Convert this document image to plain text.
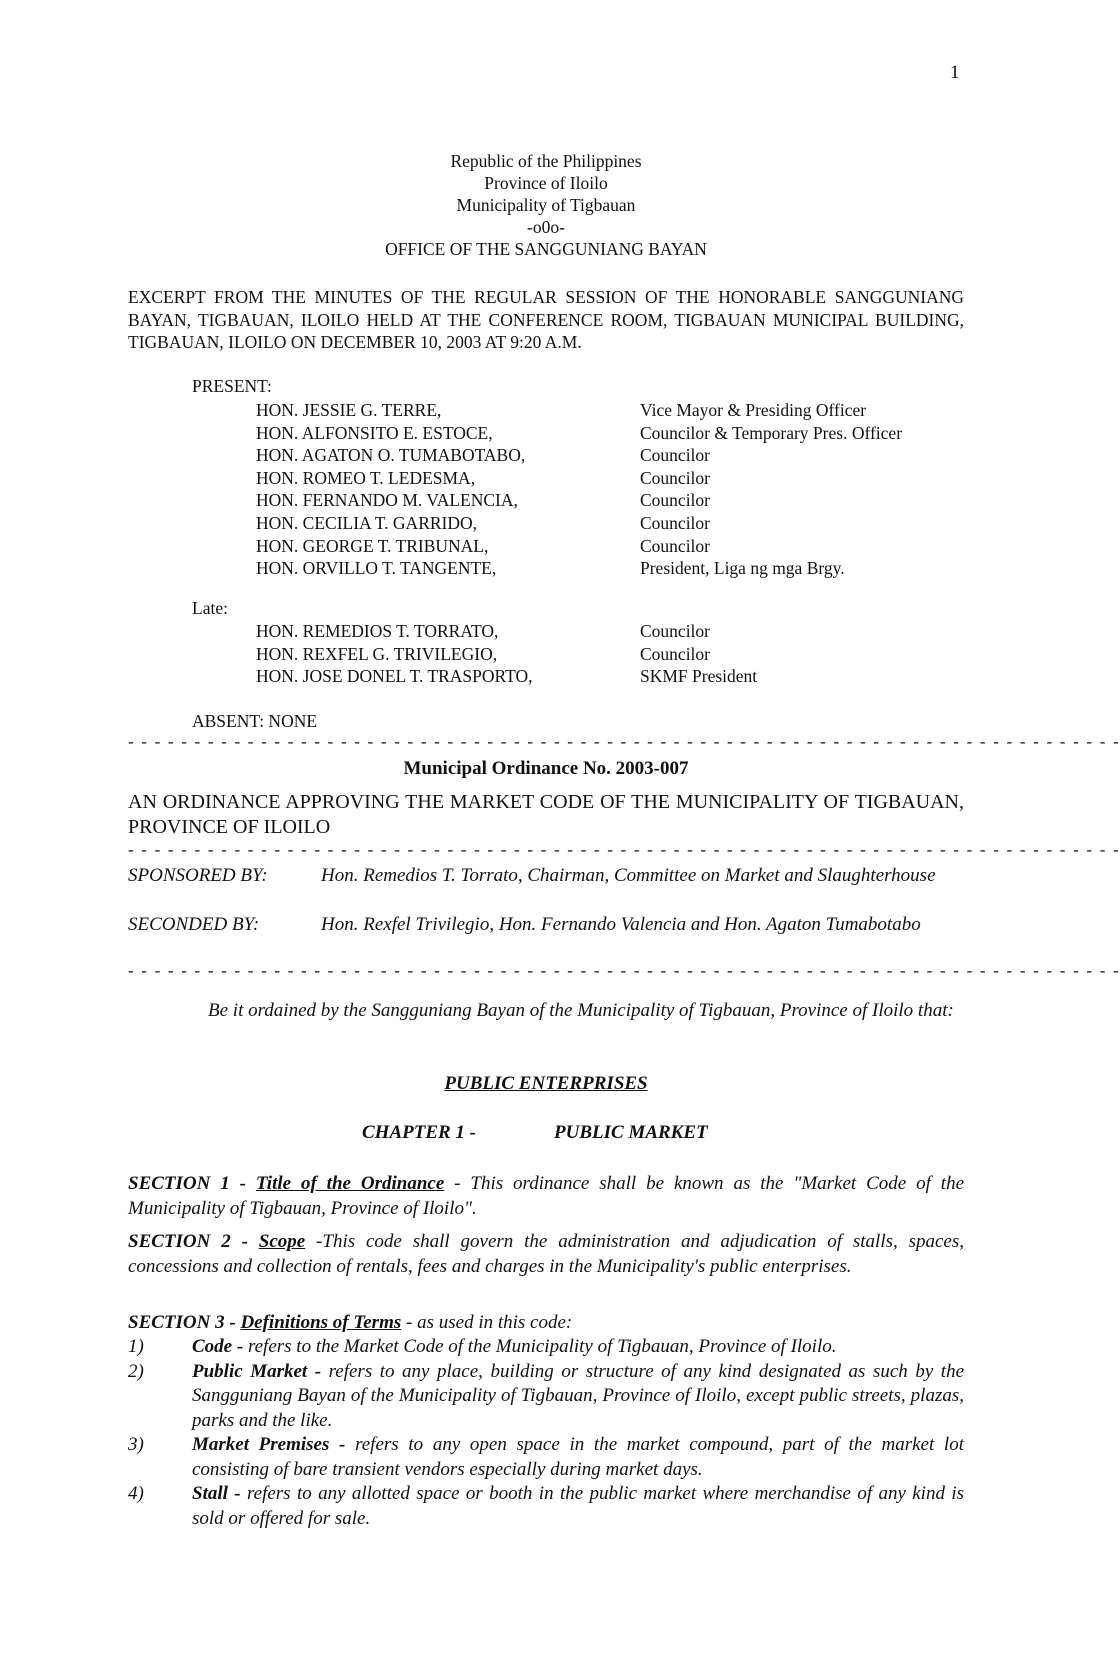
1
Republic of the Philippines
Province of Iloilo
Municipality of Tigbauan
-o0o-
OFFICE OF THE SANGGUNIANG BAYAN
EXCERPT FROM THE MINUTES OF THE REGULAR SESSION OF THE HONORABLE SANGGUNIANG BAYAN, TIGBAUAN, ILOILO HELD AT THE CONFERENCE ROOM, TIGBAUAN MUNICIPAL BUILDING, TIGBAUAN, ILOILO ON DECEMBER 10, 2003 AT 9:20 A.M.
PRESENT:
HON. JESSIE G. TERRE,	Vice Mayor & Presiding Officer
HON. ALFONSITO E. ESTOCE,	Councilor & Temporary Pres. Officer
HON. AGATON O. TUMABOTABO,	Councilor
HON. ROMEO T. LEDESMA,	Councilor
HON. FERNANDO M. VALENCIA,	Councilor
HON. CECILIA T. GARRIDO,	Councilor
HON. GEORGE T. TRIBUNAL,	Councilor
HON. ORVILLO T. TANGENTE,	President, Liga ng mga Brgy.
Late:
HON. REMEDIOS T. TORRATO,	Councilor
HON. REXFEL G. TRIVILEGIO,	Councilor
HON. JOSE DONEL T. TRASPORTO,	SKMF President
ABSENT: NONE
- - - - - - - - - - - - - - - - - - - - - - - - - - - - - - - - - - - - - - - - - - - - - - - - - - - - - - - - - - - - - - - - - - - - - - - - - - -
Municipal Ordinance No. 2003-007
AN ORDINANCE APPROVING THE MARKET CODE OF THE MUNICIPALITY OF TIGBAUAN, PROVINCE OF ILOILO
- - - - - - - - - - - - - - - - - - - - - - - - - - - - - - - - - - - - - - - - - - - - - - - - - - - - - - - - - - - - - - - - - - - - - - - - - - -
SPONSORED BY:	Hon. Remedios T. Torrato, Chairman, Committee on Market and Slaughterhouse
SECONDED BY:	Hon. Rexfel Trivilegio, Hon. Fernando Valencia and Hon. Agaton Tumabotabo
- - - - - - - - - - - - - - - - - - - - - - - - - - - - - - - - - - - - - - - - - - - - - - - - - - - - - - - - - - - - - - - - - - - - - - - - - - -
Be it ordained by the Sangguniang Bayan of the Municipality of Tigbauan, Province of Iloilo that:
PUBLIC ENTERPRISES
CHAPTER 1 -	PUBLIC MARKET
SECTION 1 - Title of the Ordinance - This ordinance shall be known as the "Market Code of the Municipality of Tigbauan, Province of Iloilo".
SECTION 2 - Scope -This code shall govern the administration and adjudication of stalls, spaces, concessions and collection of rentals, fees and charges in the Municipality's public enterprises.
SECTION 3 - Definitions of Terms - as used in this code:
1)	Code - refers to the Market Code of the Municipality of Tigbauan, Province of Iloilo.
2)	Public Market - refers to any place, building or structure of any kind designated as such by the Sangguniang Bayan of the Municipality of Tigbauan, Province of Iloilo, except public streets, plazas, parks and the like.
3)	Market Premises - refers to any open space in the market compound, part of the market lot consisting of bare transient vendors especially during market days.
4)	Stall - refers to any allotted space or booth in the public market where merchandise of any kind is sold or offered for sale.
